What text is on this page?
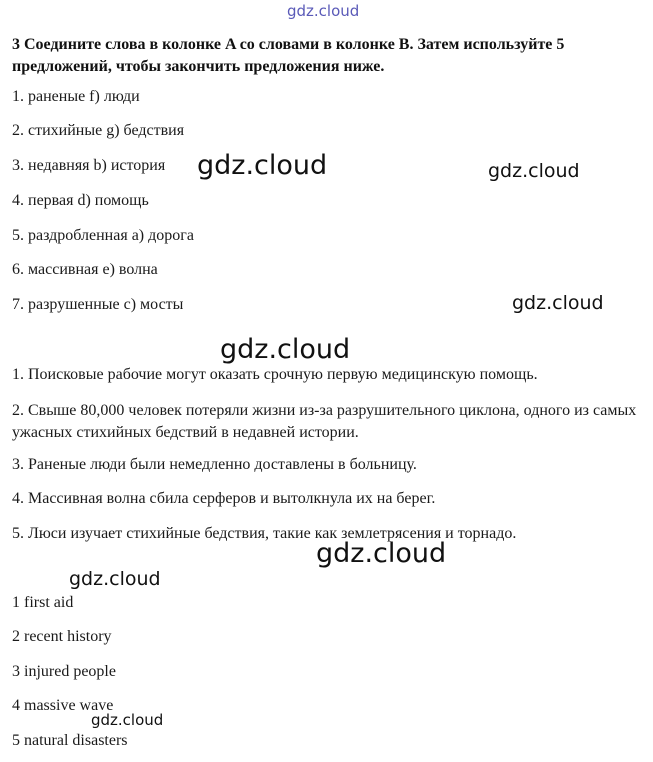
gdz.cloud
3 Соедините слова в колонке A со словами в колонке B. Затем используйте 5 предложений, чтобы закончить предложения ниже.
1. раненые f) люди
2. стихийные g) бедствия
3. недавняя b) история
4. первая d) помощь
5. раздробленная a) дорога
6. массивная e) волна
7. разрушенные c) мосты
1. Поисковые рабочие могут оказать срочную первую медицинскую помощь.
2. Свыше 80,000 человек потеряли жизни из-за разрушительного циклона, одного из самых ужасных стихийных бедствий в недавней истории.
3. Раненые люди были немедленно доставлены в больницу.
4. Массивная волна сбила серферов и вытолкнула их на берег.
5. Люси изучает стихийные бедствия, такие как землетрясения и торнадо.
1 first aid
2 recent history
3 injured people
4 massive wave
5 natural disasters
gdz.cloud	gdz.cloud
gdz.cloud
gdz.cloud
gdz.cloud
gdz.cloud
gdz.cloud
